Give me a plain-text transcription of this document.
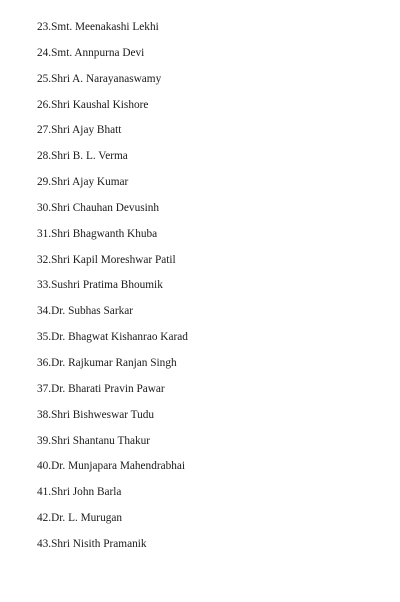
23.Smt. Meenakashi Lekhi
24.Smt. Annpurna Devi
25.Shri A. Narayanaswamy
26.Shri Kaushal Kishore
27.Shri Ajay Bhatt
28.Shri B. L. Verma
29.Shri Ajay Kumar
30.Shri Chauhan Devusinh
31.Shri Bhagwanth Khuba
32.Shri Kapil Moreshwar Patil
33.Sushri Pratima Bhoumik
34.Dr. Subhas Sarkar
35.Dr. Bhagwat Kishanrao Karad
36.Dr. Rajkumar Ranjan Singh
37.Dr. Bharati Pravin Pawar
38.Shri Bishweswar Tudu
39.Shri Shantanu Thakur
40.Dr. Munjapara Mahendrabhai
41.Shri John Barla
42.Dr. L. Murugan
43.Shri Nisith Pramanik
